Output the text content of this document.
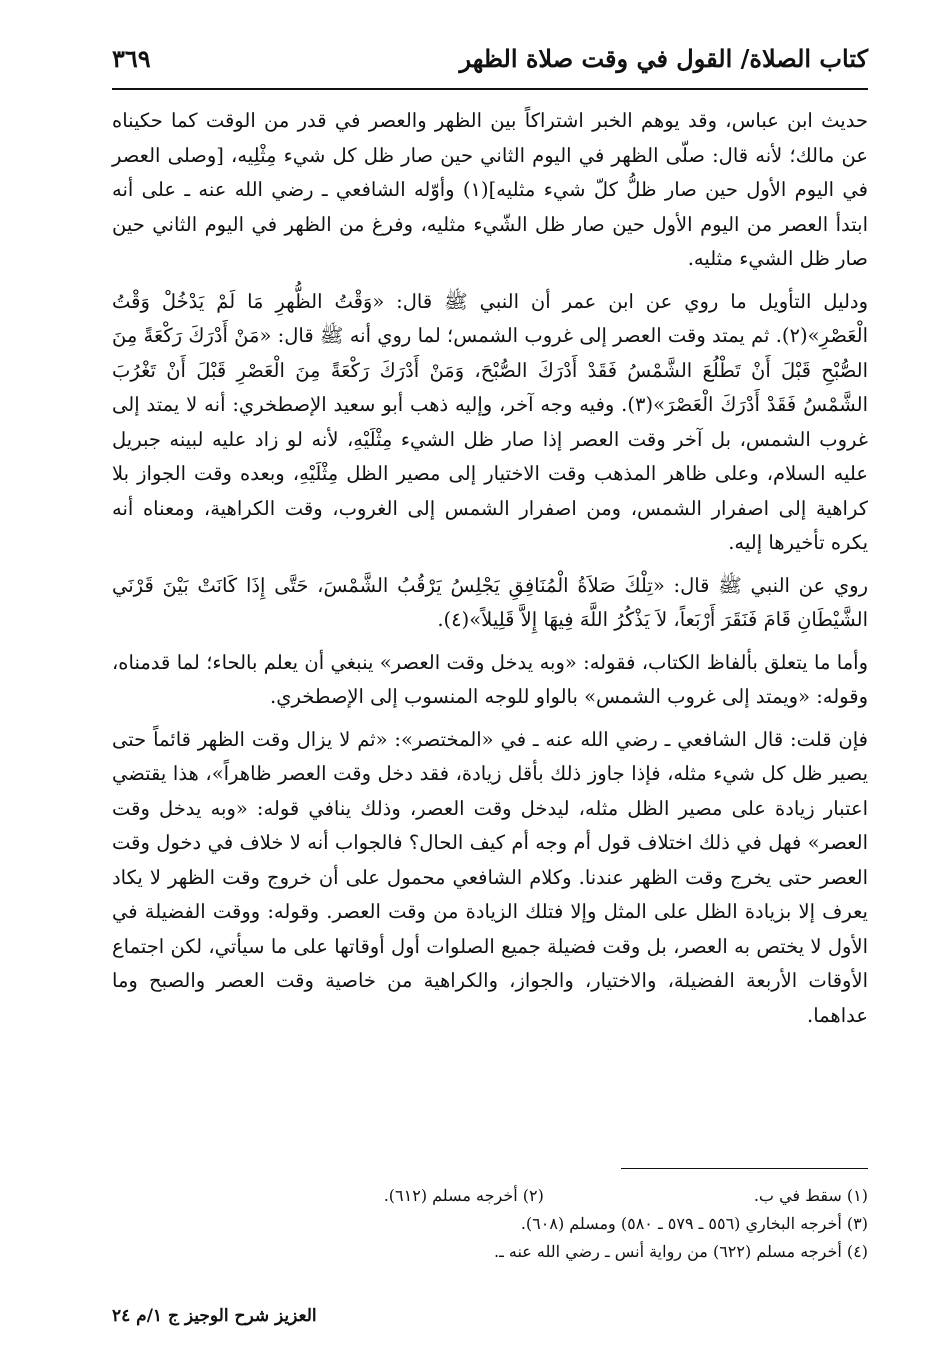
كتاب الصلاة/ القول في وقت صلاة الظهر
٣٦٩

حديث ابن عباس، وقد يوهم الخبر اشتراكاً بين الظهر والعصر في قدر من الوقت كما حكيناه عن مالك؛ لأنه قال: صلّى الظهر في اليوم الثاني حين صار ظل كل شيء مِثْلِيه، [وصلى العصر في اليوم الأول حين صار ظلُّ كلّ شيء مثليه](١) وأوّله الشافعي ـ رضي الله عنه ـ على أنه ابتدأ العصر من اليوم الأول حين صار ظل الشّيء مثليه، وفرغ من الظهر في اليوم الثاني حين صار ظل الشيء مثليه.

ودليل التأويل ما روي عن ابن عمر أن النبي ﷺ قال: «وَقْتُ الظُّهرِ مَا لَمْ يَدْخُلْ وَقْتُ الْعَصْرِ»(٢). ثم يمتد وقت العصر إلى غروب الشمس؛ لما روي أنه ﷺ قال: «مَنْ أَدْرَكَ رَكْعَةً مِنَ الصُّبْحِ قَبْلَ أَنْ تَطْلُعَ الشَّمْسُ فَقَدْ أَدْرَكَ الصُّبْحَ، وَمَنْ أَدْرَكَ رَكْعَةً مِنَ الْعَصْرِ قَبْلَ أَنْ تَغْرُبَ الشَّمْسُ فَقَدْ أَدْرَكَ الْعَصْرَ»(٣). وفيه وجه آخر، وإليه ذهب أبو سعيد الإصطخري: أنه لا يمتد إلى غروب الشمس، بل آخر وقت العصر إذا صار ظل الشيء مِثْلَيْهِ، لأنه لو زاد عليه لبينه جبريل عليه السلام، وعلى ظاهر المذهب وقت الاختيار إلى مصير الظل مِثْلَيْهِ، وبعده وقت الجواز بلا كراهية إلى اصفرار الشمس، ومن اصفرار الشمس إلى الغروب، وقت الكراهية، ومعناه أنه يكره تأخيرها إليه.

روي عن النبي ﷺ قال: «تِلْكَ صَلاَةُ الْمُنَافِقِ يَجْلِسُ يَرْقُبُ الشَّمْسَ، حَتَّى إِذَا كَانَتْ بَيْنَ قَرْنَي الشَّيْطَانِ قَامَ فَنَقَرَ أَرْبَعاً، لاَ يَذْكُرُ اللَّهَ فِيهَا إِلاَّ قَلِيلاً»(٤).

وأما ما يتعلق بألفاظ الكتاب، فقوله: «وبه يدخل وقت العصر» ينبغي أن يعلم بالحاء؛ لما قدمناه، وقوله: «ويمتد إلى غروب الشمس» بالواو للوجه المنسوب إلى الإصطخري.

فإن قلت: قال الشافعي ـ رضي الله عنه ـ في «المختصر»: «ثم لا يزال وقت الظهر قائماً حتى يصير ظل كل شيء مثله، فإذا جاوز ذلك بأقل زيادة، فقد دخل وقت العصر ظاهراً»، هذا يقتضي اعتبار زيادة على مصير الظل مثله، ليدخل وقت العصر، وذلك ينافي قوله: «وبه يدخل وقت العصر» فهل في ذلك اختلاف قول أم وجه أم كيف الحال؟ فالجواب أنه لا خلاف في دخول وقت العصر حتى يخرج وقت الظهر عندنا. وكلام الشافعي محمول على أن خروج وقت الظهر لا يكاد يعرف إلا بزيادة الظل على المثل وإلا فتلك الزيادة من وقت العصر. وقوله: ووقت الفضيلة في الأول لا يختص به العصر، بل وقت فضيلة جميع الصلوات أول أوقاتها على ما سيأتي، لكن اجتماع الأوقات الأربعة الفضيلة، والاختيار، والجواز، والكراهية من خاصية وقت العصر والصبح وما عداهما.

(١) سقط في ب.
(٢) أخرجه مسلم (٦١٢).
(٣) أخرجه البخاري (٥٥٦ ـ ٥٧٩ ـ ٥٨٠) ومسلم (٦٠٨).
(٤) أخرجه مسلم (٦٢٢) من رواية أنس ـ رضي الله عنه ـ.
العزيز شرح الوجيز ج ١/م ٢٤
